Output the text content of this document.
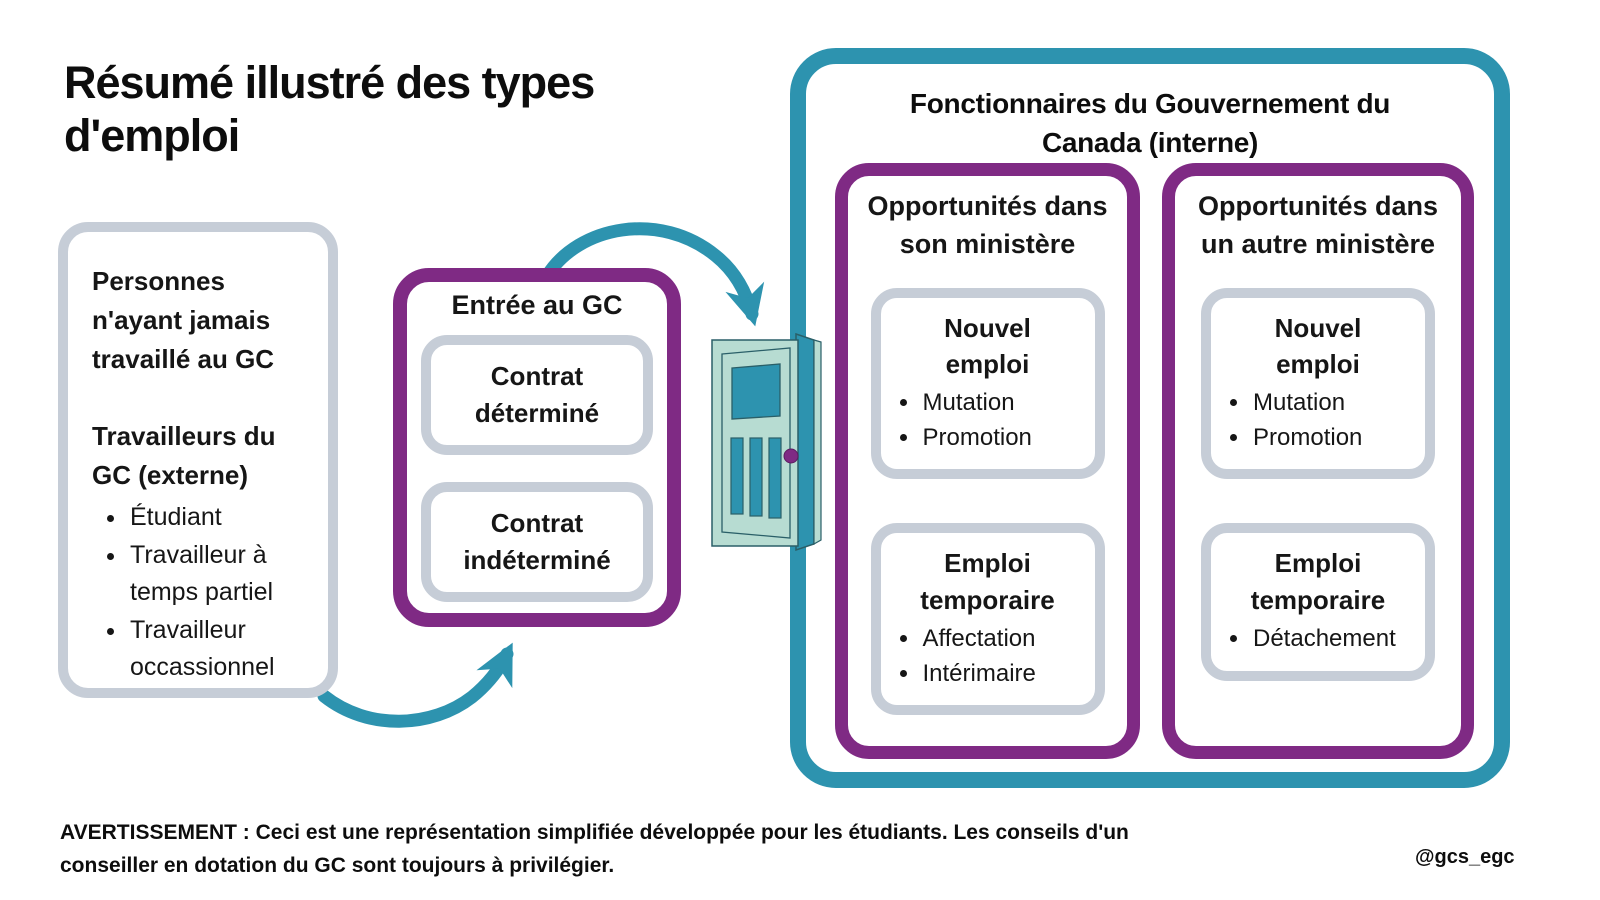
Résumé illustré des types d'emploi
Personnes n'ayant jamais travaillé au GC
Travailleurs du GC (externe)
• Étudiant
• Travailleur à temps partiel
• Travailleur occassionnel
Entrée au GC
Contrat déterminé
Contrat indéterminé
Fonctionnaires du Gouvernement du Canada (interne)
Opportunités dans son ministère
Nouvel emploi
• Mutation
• Promotion
Emploi temporaire
• Affectation
• Intérimaire
Opportunités dans un autre ministère
Nouvel emploi
• Mutation
• Promotion
Emploi temporaire
• Détachement
AVERTISSEMENT : Ceci est une représentation simplifiée développée pour les étudiants. Les conseils d'un conseiller en dotation du GC sont toujours à privilégier.	@gcs_egc
